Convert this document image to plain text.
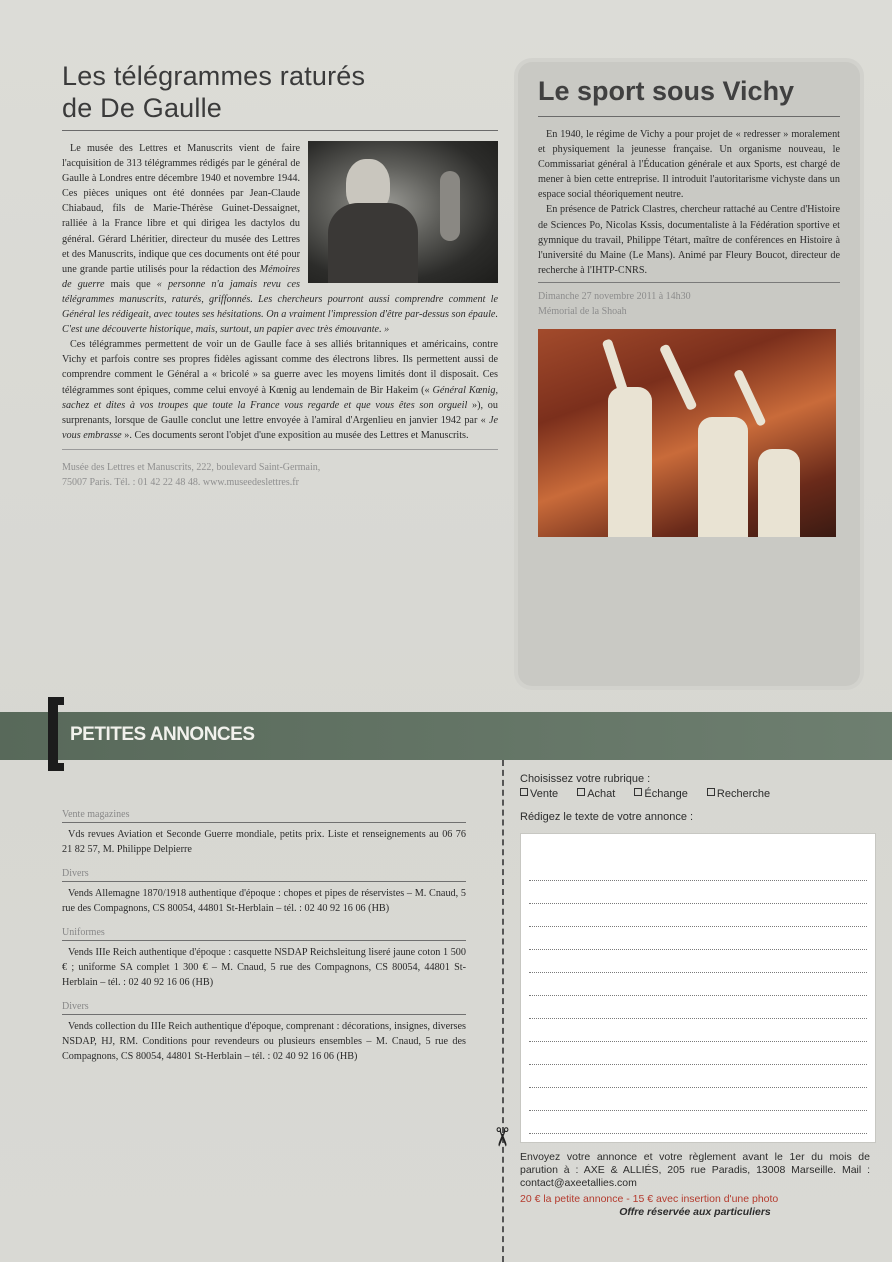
Les télégrammes raturés
de De Gaulle

Le musée des Lettres et Manuscrits vient de faire l'acquisition de 313 télégrammes rédigés par le général de Gaulle à Londres entre décembre 1940 et novembre 1944. Ces pièces uniques ont été données par Jean-Claude Chiabaud, fils de Marie-Thérèse Guinet-Dessaignet, ralliée à la France libre et qui dirigea les dactylos du général. Gérard Lhéritier, directeur du musée des Lettres et des Manuscrits, indique que ces documents ont été pour une grande partie utilisés pour la rédaction des Mémoires de guerre mais que « personne n'a jamais revu ces télégrammes manuscrits, raturés, griffonnés. Les chercheurs pourront aussi comprendre comment le Général les rédigeait, avec toutes ses hésitations. On a vraiment l'impression d'être par-dessus son épaule. C'est une découverte historique, mais, surtout, un papier avec très émouvante. »

Ces télégrammes permettent de voir un de Gaulle face à ses alliés britanniques et américains, contre Vichy et parfois contre ses propres fidèles agissant comme des électrons libres. Ils permettent aussi de comprendre comment le Général a « bricolé » sa guerre avec les moyens limités dont il disposait. Ces télégrammes sont épiques, comme celui envoyé à Kœnig au lendemain de Bir Hakeim (« Général Kœnig, sachez et dites à vos troupes que toute la France vous regarde et que vous êtes son orgueil »), ou surprenants, lorsque de Gaulle conclut une lettre envoyée à l'amiral d'Argenlieu en janvier 1942 par « Je vous embrasse ». Ces documents seront l'objet d'une exposition au musée des Lettres et Manuscrits.

Musée des Lettres et Manuscrits, 222, boulevard Saint-Germain,
75007 Paris. Tél. : 01 42 22 48 48. www.museedeslettres.fr
Le sport sous Vichy

En 1940, le régime de Vichy a pour projet de « redresser » moralement et physiquement la jeunesse française. Un organisme nouveau, le Commissariat général à l'Éducation générale et aux Sports, est chargé de mener à bien cette entreprise. Il introduit l'autoritarisme vichyste dans un espace social théoriquement neutre.

En présence de Patrick Clastres, chercheur rattaché au Centre d'Histoire de Sciences Po, Nicolas Kssis, documentaliste à la Fédération sportive et gymnique du travail, Philippe Tétart, maître de conférences en Histoire à l'université du Maine (Le Mans). Animé par Fleury Boucot, directeur de recherche à l'IHTP-CNRS.

Dimanche 27 novembre 2011 à 14h30
Mémorial de la Shoah
PETITES ANNONCES
Vente magazines

Vds revues Aviation et Seconde Guerre mondiale, petits prix. Liste et renseignements au 06 76 21 82 57, M. Philippe Delpierre

Divers

Vends Allemagne 1870/1918 authentique d'époque : chopes et pipes de réservistes – M. Cnaud, 5 rue des Compagnons, CS 80054, 44801 St-Herblain – tél. : 02 40 92 16 06 (HB)

Uniformes

Vends IIIe Reich authentique d'époque : casquette NSDAP Reichsleitung liseré jaune coton 1 500 € ; uniforme SA complet 1 300 € – M. Cnaud, 5 rue des Compagnons, CS 80054, 44801 St-Herblain – tél. : 02 40 92 16 06 (HB)

Divers

Vends collection du IIIe Reich authentique d'époque, comprenant : décorations, insignes, diverses NSDAP, HJ, RM. Conditions pour revendeurs ou plusieurs ensembles – M. Cnaud, 5 rue des Compagnons, CS 80054, 44801 St-Herblain – tél. : 02 40 92 16 06 (HB)

✂
Choisissez votre rubrique :
Vente	Achat	Échange	Recherche
Rédigez le texte de votre annonce :
Envoyez votre annonce et votre règlement avant le 1er du mois de parution à : AXE & ALLIÉS, 205 rue Paradis, 13008 Marseille. Mail : contact@axeetallies.com
20 € la petite annonce - 15 € avec insertion d'une photo
Offre réservée aux particuliers
